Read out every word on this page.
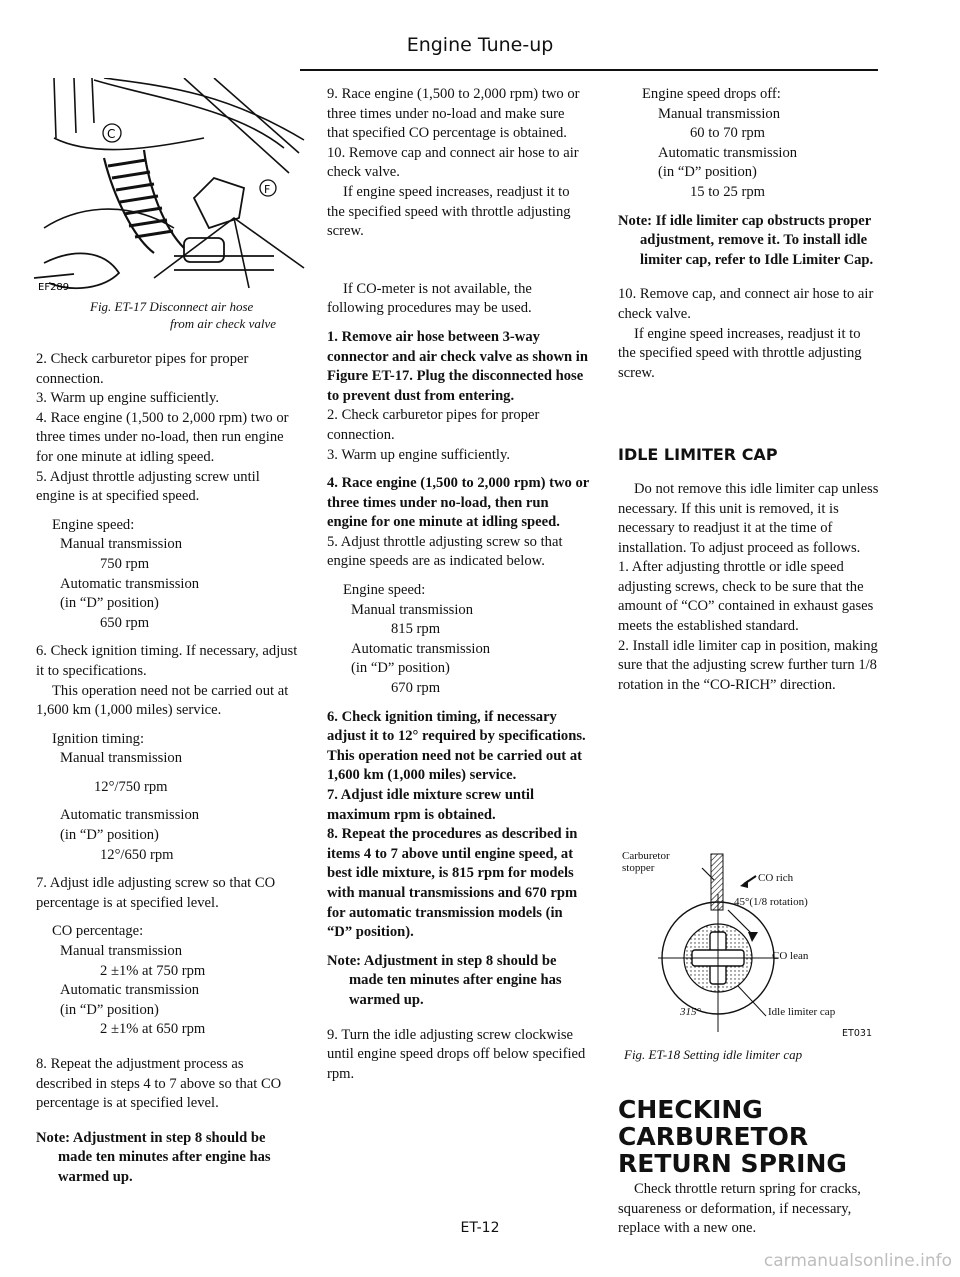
Engine Tune-up
C
F
EF289
Fig. ET-17 Disconnect air hose
from air check valve

2. Check carburetor pipes for proper connection.

3. Warm up engine sufficiently.

4. Race engine (1,500 to 2,000 rpm) two or three times under no-load, then run engine for one minute at idling speed.

5. Adjust throttle adjusting screw until engine is at specified speed.

Engine speed:
Manual transmission
750 rpm
Automatic transmission
(in “D” position)
650 rpm

6. Check ignition timing. If necessary, adjust it to specifications.

This operation need not be carried out at 1,600 km (1,000 miles) service.

Ignition timing:
Manual transmission
12°/750 rpm
Automatic transmission
(in “D” position)
12°/650 rpm

7. Adjust idle adjusting screw so that CO percentage is at specified level.

CO percentage:
Manual transmission
2 ±1% at 750 rpm
Automatic transmission
(in “D” position)
2 ±1% at 650 rpm

8. Repeat the adjustment process as described in steps 4 to 7 above so that CO percentage is at specified level.

Note: Adjustment in step 8 should be made ten minutes after engine has warmed up.

9. Race engine (1,500 to 2,000 rpm) two or three times under no-load and make sure that specified CO percentage is obtained.

10. Remove cap and connect air hose to air check valve.

If engine speed increases, readjust it to the specified speed with throttle adjusting screw.

If CO-meter is not available, the following procedures may be used.

1. Remove air hose between 3-way connector and air check valve as shown in Figure ET-17. Plug the disconnected hose to prevent dust from entering.

2. Check carburetor pipes for proper connection.

3. Warm up engine sufficiently.

4. Race engine (1,500 to 2,000 rpm) two or three times under no-load, then run engine for one minute at idling speed.

5. Adjust throttle adjusting screw so that engine speeds are as indicated below.

Engine speed:
Manual transmission
815 rpm
Automatic transmission
(in “D” position)
670 rpm

6. Check ignition timing, if necessary adjust it to 12° required by specifications. This operation need not be carried out at 1,600 km (1,000 miles) service.

7. Adjust idle mixture screw until maximum rpm is obtained.

8. Repeat the procedures as described in items 4 to 7 above until engine speed, at best idle mixture, is 815 rpm for models with manual transmissions and 670 rpm for automatic transmission models (in “D” position).

Note: Adjustment in step 8 should be made ten minutes after engine has warmed up.

9. Turn the idle adjusting screw clockwise until engine speed drops off below specified rpm.

Engine speed drops off:
Manual transmission
60 to 70 rpm
Automatic transmission
(in “D” position)
15 to 25 rpm

Note: If idle limiter cap obstructs proper adjustment, remove it. To install idle limiter cap, refer to Idle Limiter Cap.

10. Remove cap, and connect air hose to air check valve.

If engine speed increases, readjust it to the specified speed with throttle adjusting screw.

IDLE LIMITER CAP

Do not remove this idle limiter cap unless necessary. If this unit is removed, it is necessary to readjust it at the time of installation. To adjust proceed as follows.

1. After adjusting throttle or idle speed adjusting screws, check to be sure that the amount of “CO” contained in exhaust gases meets the established standard.

2. Install idle limiter cap in position, making sure that the adjusting screw further turn 1/8 rotation in the “CO-RICH” direction.

Carburetor
stopper
CO rich
45°(1/8 rotation)
CO lean
315°	Idle limiter cap
ET031
Fig. ET-18 Setting idle limiter cap

CHECKING

CARBURETOR

RETURN SPRING

Check throttle return spring for cracks, squareness or deformation, if necessary, replace with a new one.

ET-12
carmanualsonline.info
